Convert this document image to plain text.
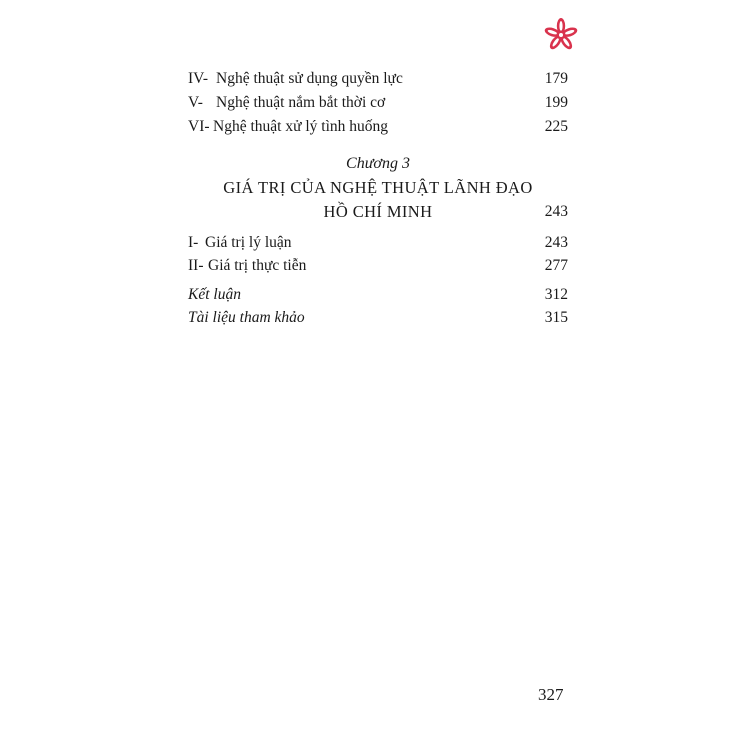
IV- Nghệ thuật sử dụng quyền lực	179
V- Nghệ thuật nắm bắt thời cơ	199
VI- Nghệ thuật xử lý tình huống	225
Chương 3
GIÁ TRỊ CỦA NGHỆ THUẬT LÃNH ĐẠO
HỒ CHÍ MINH	243
I- Giá trị lý luận	243
II- Giá trị thực tiễn	277
Kết luận	312
Tài liệu tham khảo	315
327
